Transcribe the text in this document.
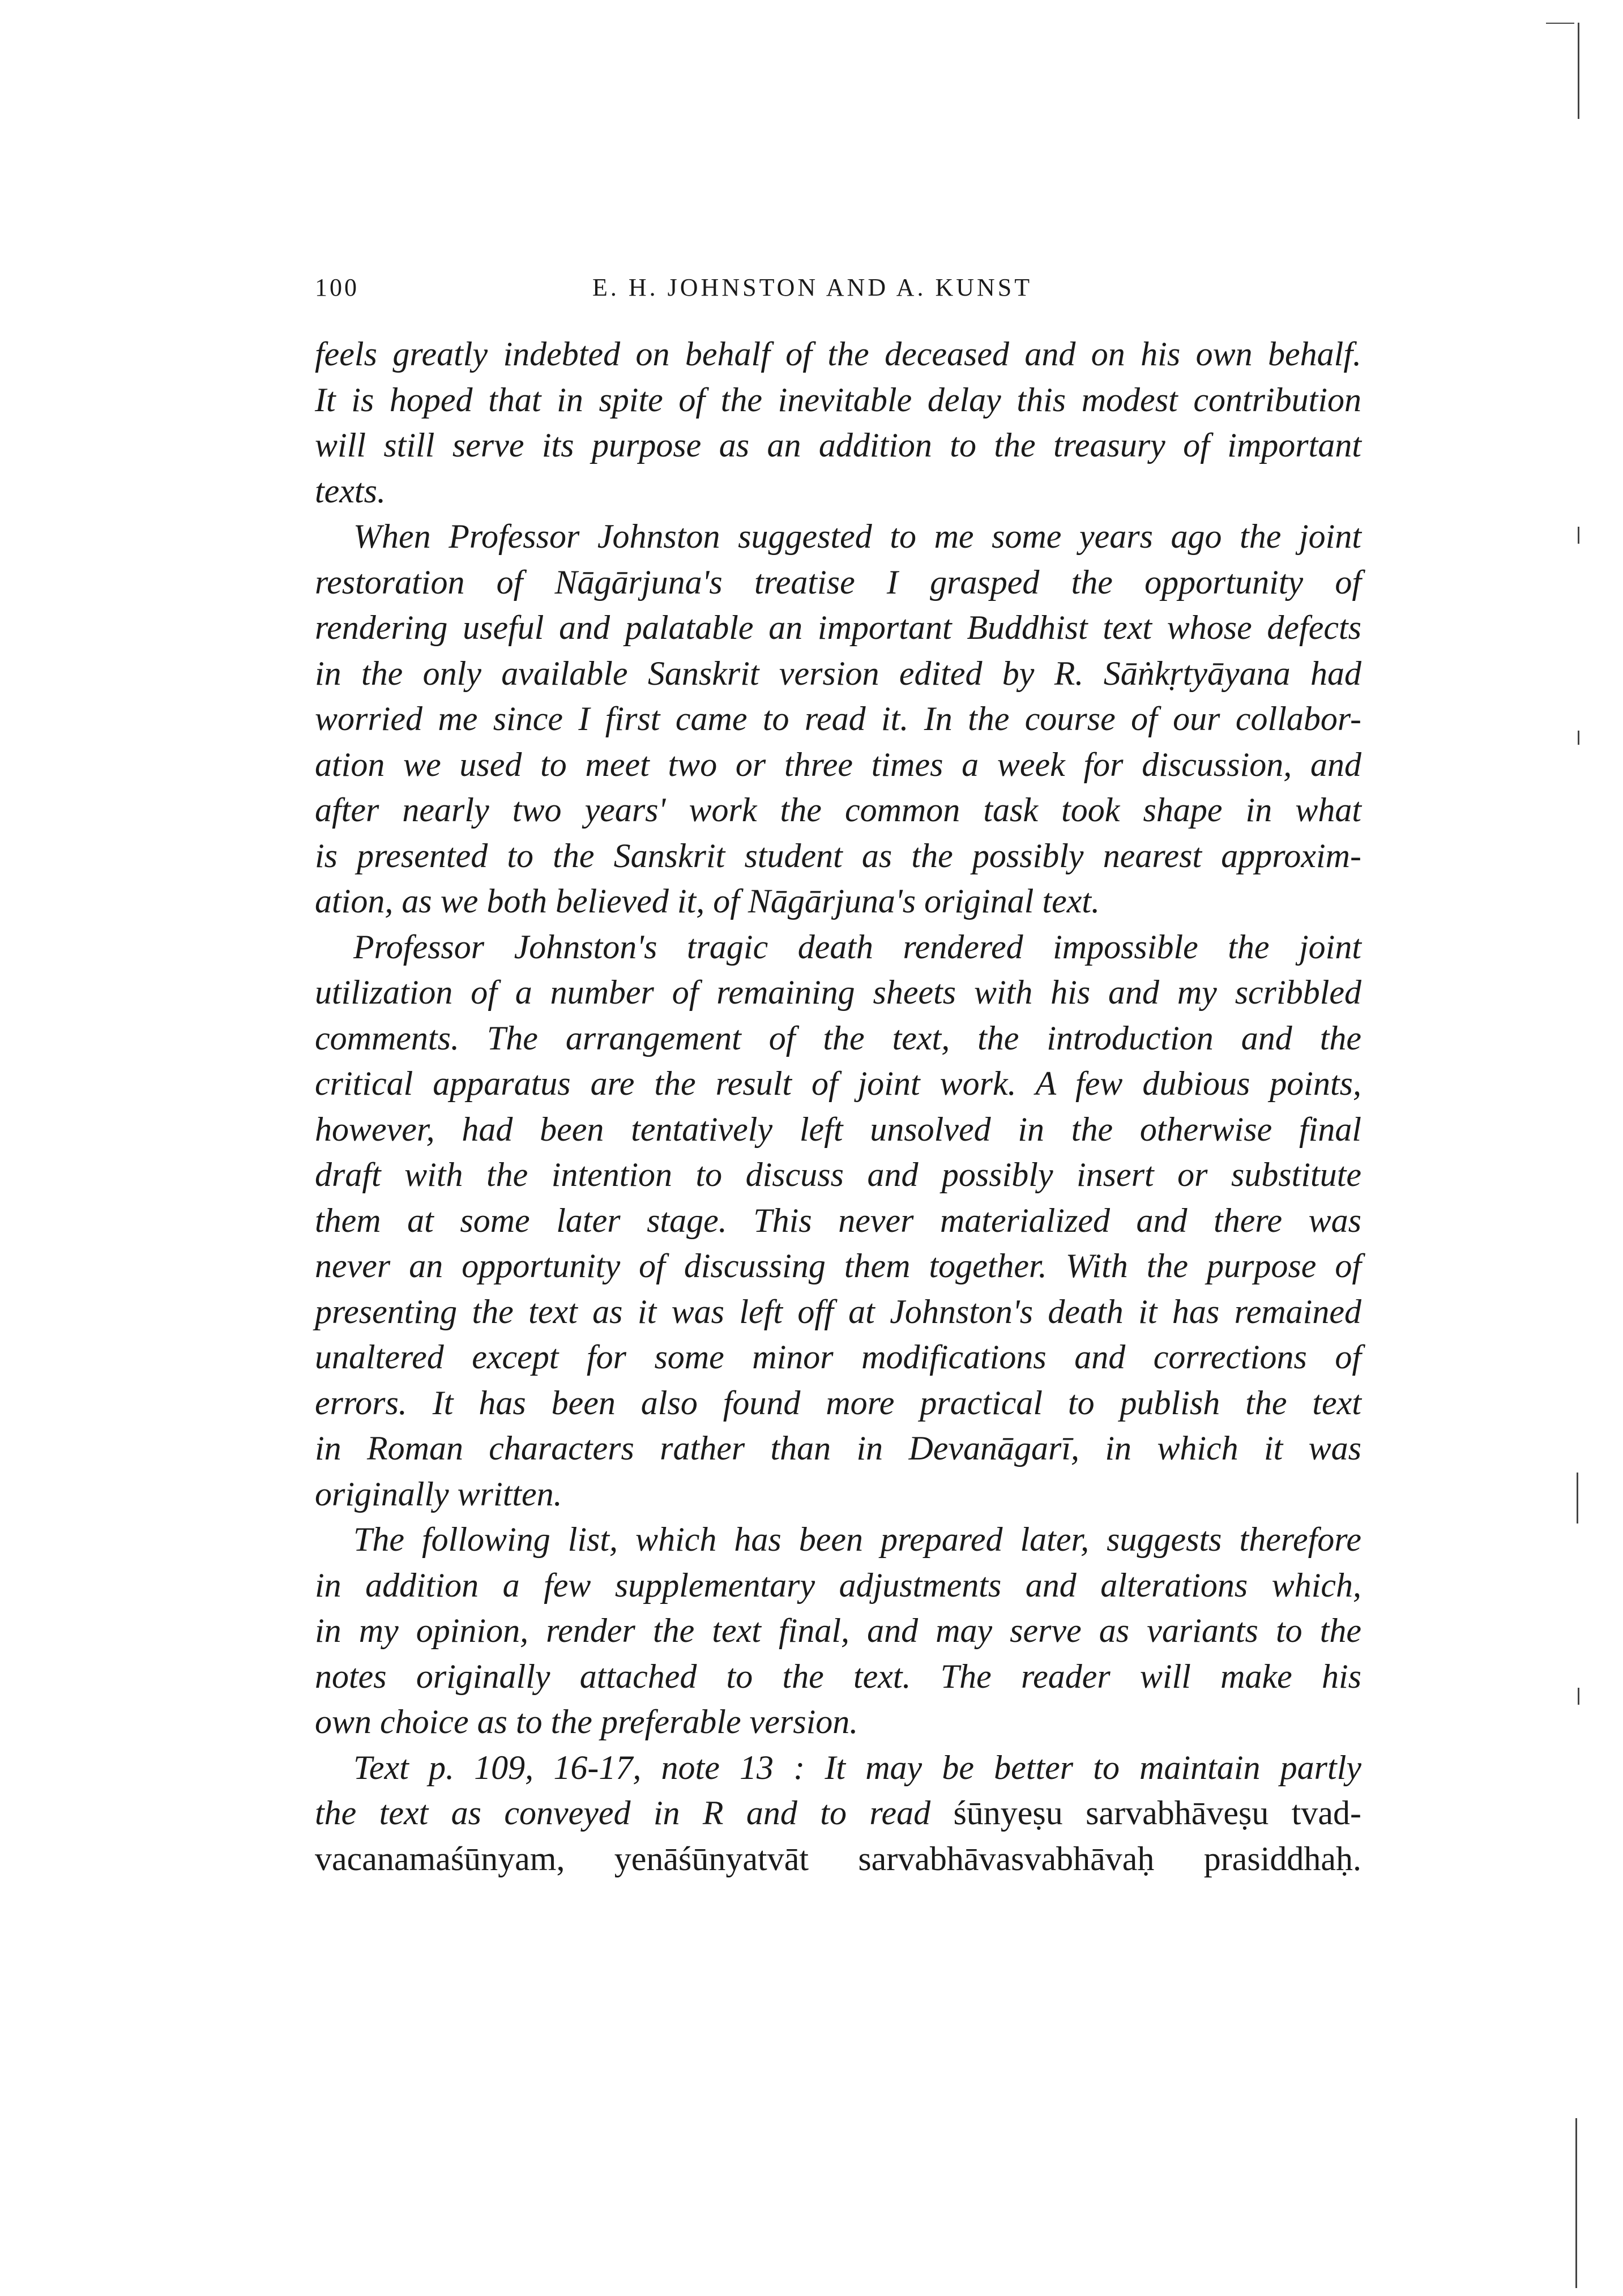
100	E. H. JOHNSTON AND A. KUNST
feels greatly indebted on behalf of the deceased and on his own behalf.
It is hoped that in spite of the inevitable delay this modest contribution
will still serve its purpose as an addition to the treasury of important
texts.
When Professor Johnston suggested to me some years ago the joint
restoration of Nāgārjuna's treatise I grasped the opportunity of
rendering useful and palatable an important Buddhist text whose defects
in the only available Sanskrit version edited by R. Sāṅkṛtyāyana had
worried me since I first came to read it. In the course of our collabor-
ation we used to meet two or three times a week for discussion, and
after nearly two years' work the common task took shape in what
is presented to the Sanskrit student as the possibly nearest approxim-
ation, as we both believed it, of Nāgārjuna's original text.
Professor Johnston's tragic death rendered impossible the joint
utilization of a number of remaining sheets with his and my scribbled
comments. The arrangement of the text, the introduction and the
critical apparatus are the result of joint work. A few dubious points,
however, had been tentatively left unsolved in the otherwise final
draft with the intention to discuss and possibly insert or substitute
them at some later stage. This never materialized and there was
never an opportunity of discussing them together. With the purpose of
presenting the text as it was left off at Johnston's death it has remained
unaltered except for some minor modifications and corrections of
errors. It has been also found more practical to publish the text
in Roman characters rather than in Devanāgarī, in which it was
originally written.
The following list, which has been prepared later, suggests therefore
in addition a few supplementary adjustments and alterations which,
in my opinion, render the text final, and may serve as variants to the
notes originally attached to the text. The reader will make his
own choice as to the preferable version.
Text p. 109, 16-17, note 13 : It may be better to maintain partly
the text as conveyed in R and to read śūnyeṣu sarvabhāveṣu tvad-
vacanamaśūnyam, yenāśūnyatvāt sarvabhāvasvabhāvaḥ prasiddhaḥ.
